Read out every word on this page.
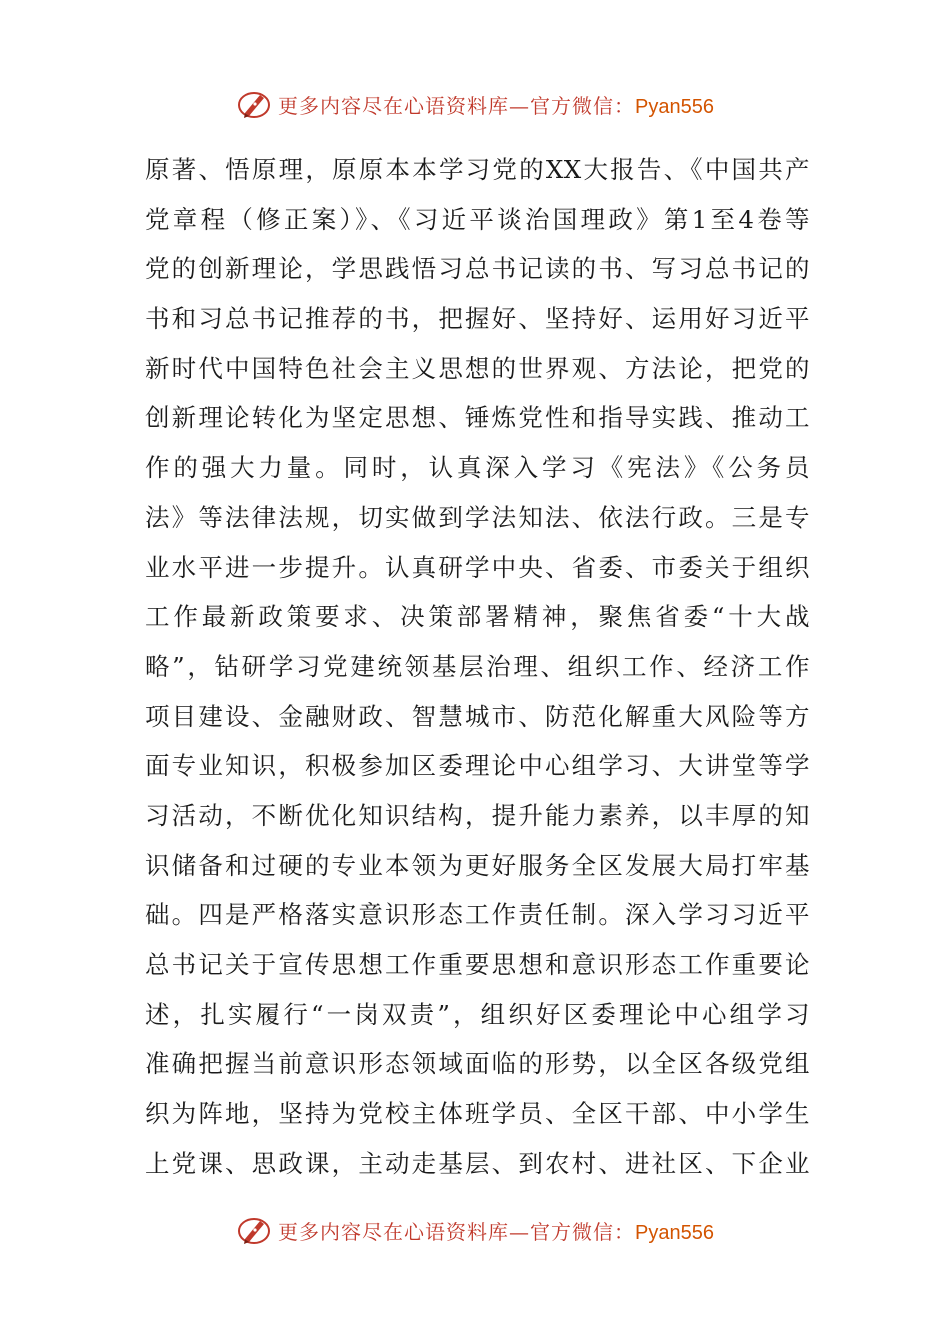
更多内容尽在心语资料库—官方微信：Pyan556
原著、悟原理，原原本本学习党的XX大报告、《中国共产
党章程（修正案）》、《习近平谈治国理政》第1至4卷等
党的创新理论，学思践悟习总书记读的书、写习总书记的
书和习总书记推荐的书，把握好、坚持好、运用好习近平
新时代中国特色社会主义思想的世界观、方法论，把党的
创新理论转化为坚定思想、锤炼党性和指导实践、推动工
作的强大力量。同时，认真深入学习《宪法》《公务员
法》等法律法规，切实做到学法知法、依法行政。三是专
业水平进一步提升。认真研学中央、省委、市委关于组织
工作最新政策要求、决策部署精神，聚焦省委“十大战
略”，钻研学习党建统领基层治理、组织工作、经济工作
项目建设、金融财政、智慧城市、防范化解重大风险等方
面专业知识，积极参加区委理论中心组学习、大讲堂等学
习活动，不断优化知识结构，提升能力素养，以丰厚的知
识储备和过硬的专业本领为更好服务全区发展大局打牢基
础。四是严格落实意识形态工作责任制。深入学习习近平
总书记关于宣传思想工作重要思想和意识形态工作重要论
述，扎实履行“一岗双责”，组织好区委理论中心组学习
准确把握当前意识形态领域面临的形势，以全区各级党组
织为阵地，坚持为党校主体班学员、全区干部、中小学生
上党课、思政课，主动走基层、到农村、进社区、下企业
更多内容尽在心语资料库—官方微信：Pyan556
